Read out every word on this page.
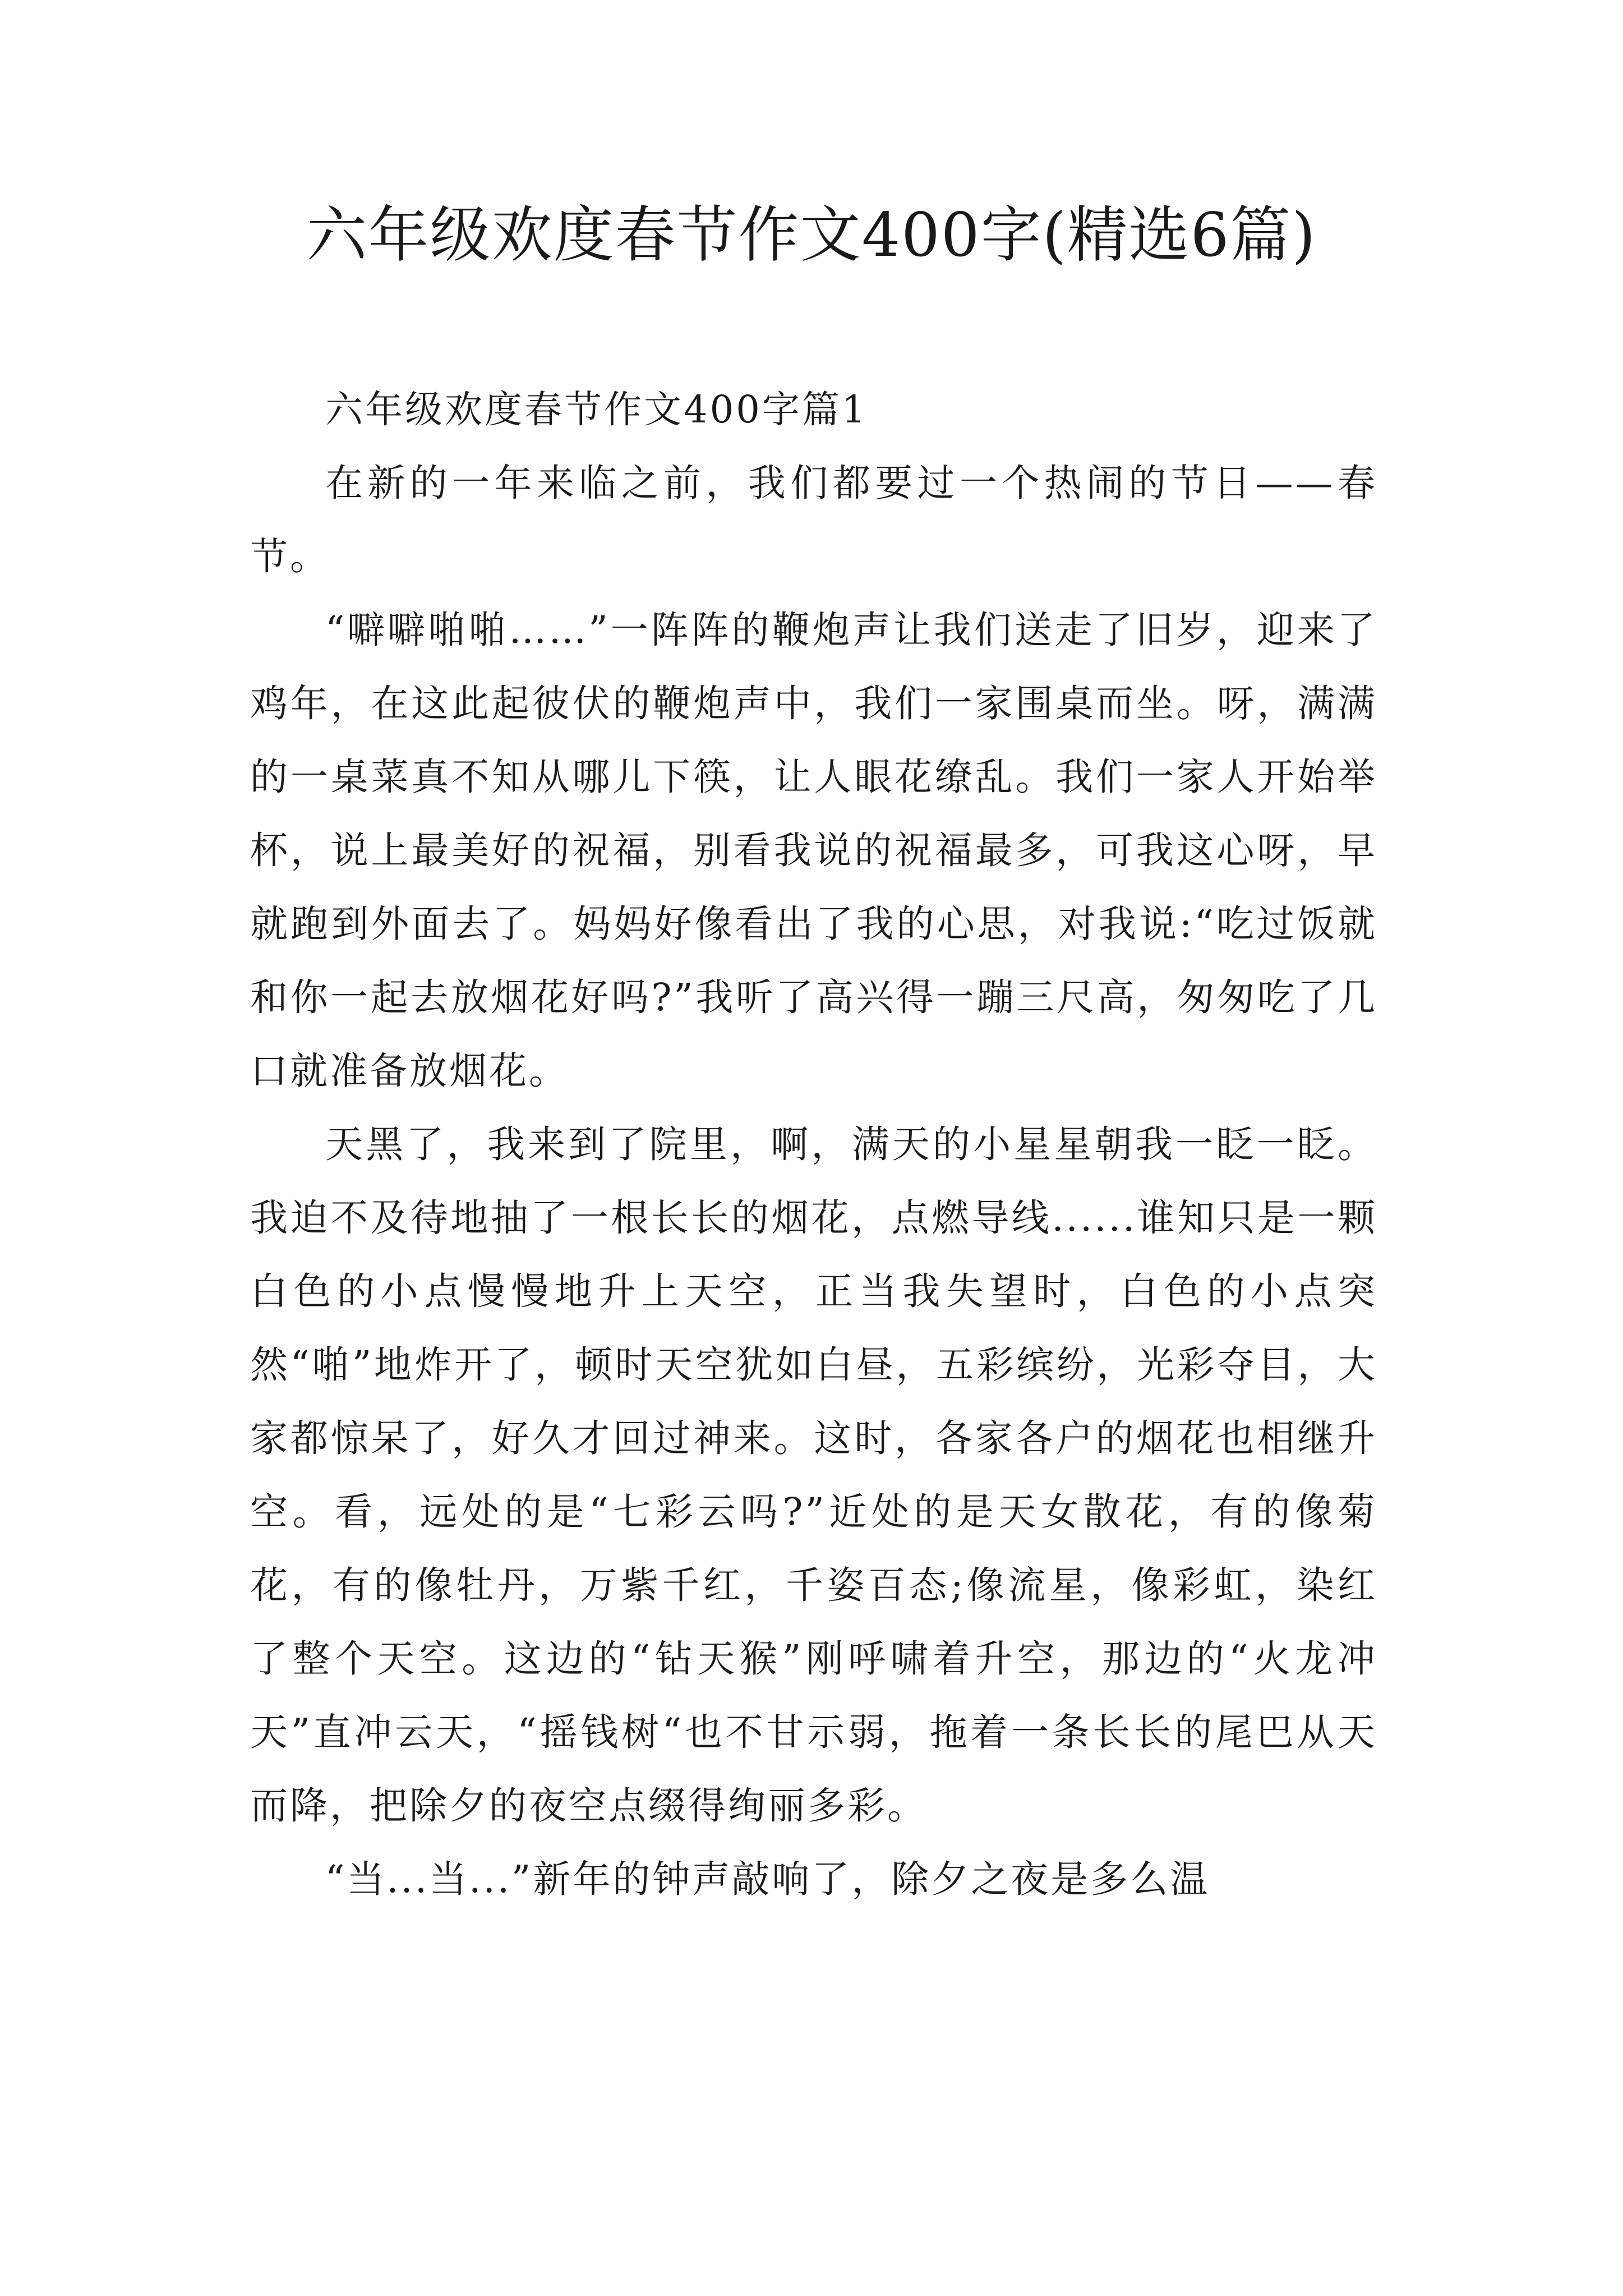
六年级欢度春节作文400字(精选6篇)

六年级欢度春节作文400字篇1

在新的一年来临之前，我们都要过一个热闹的节日——春节。

“噼噼啪啪……”一阵阵的鞭炮声让我们送走了旧岁，迎来了鸡年，在这此起彼伏的鞭炮声中，我们一家围桌而坐。呀，满满的一桌菜真不知从哪儿下筷，让人眼花缭乱。我们一家人开始举杯，说上最美好的祝福，别看我说的祝福最多，可我这心呀，早就跑到外面去了。妈妈好像看出了我的心思，对我说:“吃过饭就和你一起去放烟花好吗?”我听了高兴得一蹦三尺高，匆匆吃了几口就准备放烟花。

天黑了，我来到了院里，啊，满天的小星星朝我一眨一眨。我迫不及待地抽了一根长长的烟花，点燃导线......谁知只是一颗白色的小点慢慢地升上天空，正当我失望时，白色的小点突然“啪”地炸开了，顿时天空犹如白昼，五彩缤纷，光彩夺目，大家都惊呆了，好久才回过神来。这时，各家各户的烟花也相继升空。看，远处的是“七彩云吗?”近处的是天女散花，有的像菊花，有的像牡丹，万紫千红，千姿百态;像流星，像彩虹，染红了整个天空。这边的“钻天猴”刚呼啸着升空，那边的“火龙冲天”直冲云天，“摇钱树“也不甘示弱，拖着一条长长的尾巴从天而降，把除夕的夜空点缀得绚丽多彩。

“当...当...”新年的钟声敲响了，除夕之夜是多么温
